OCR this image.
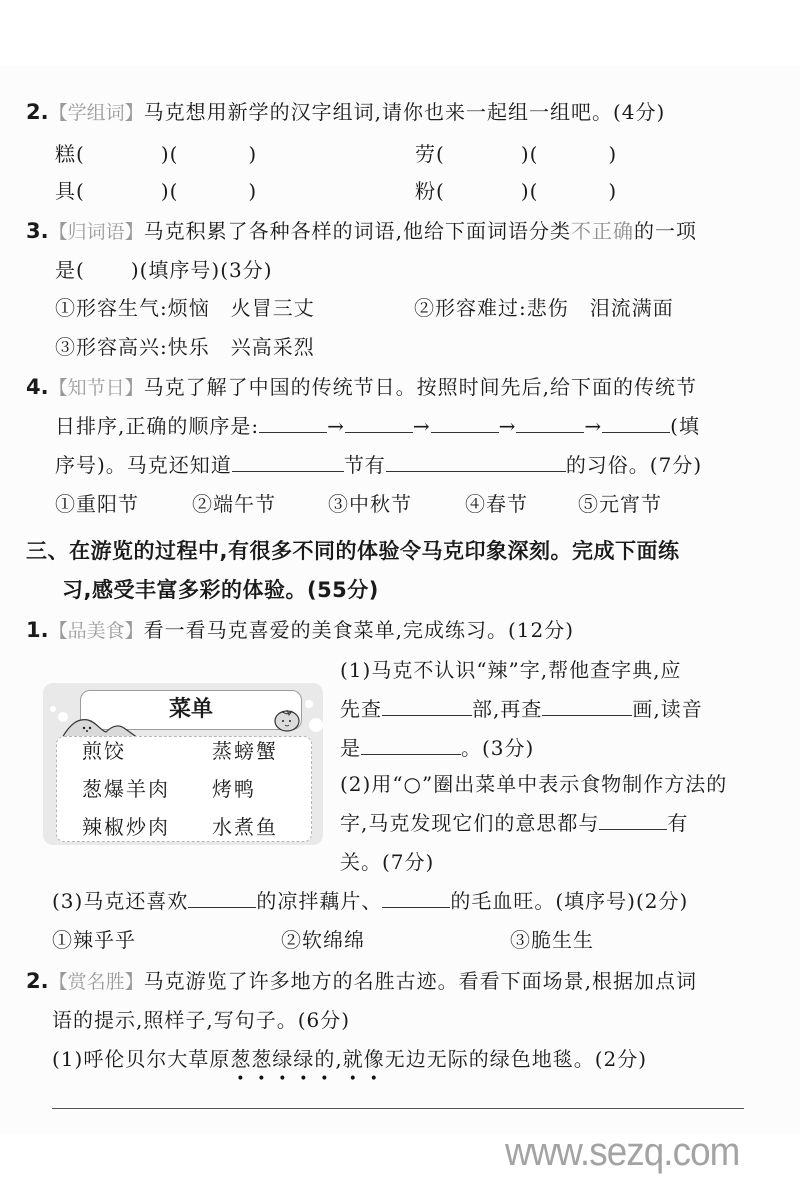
2.【学组词】马克想用新学的汉字组词,请你也来一起组一组吧。(4分)
糕(	)(	)	劳(	)(	)
具(	)(	)	粉(	)(	)
3.【归词语】马克积累了各种各样的词语,他给下面词语分类不正确的一项
是( )(填序号)(3分)
①形容生气:烦恼　火冒三丈	②形容难过:悲伤　泪流满面
③形容高兴:快乐　兴高采烈
4.【知节日】马克了解了中国的传统节日。按照时间先后,给下面的传统节
日排序,正确的顺序是:	→	→	→	→	(填
序号)。马克还知道	节有	的习俗。(7分)
①重阳节	②端午节	③中秋节	④春节	⑤元宵节
三、在游览的过程中,有很多不同的体验令马克印象深刻。完成下面练
习,感受丰富多彩的体验。(55分)
1.【品美食】看一看马克喜爱的美食菜单,完成练习。(12分)
菜单
煎饺	蒸螃蟹
葱爆羊肉 烤鸭
辣椒炒肉 水煮鱼
(1)马克不认识“辣”字,帮他查字典,应
先查	部,再查	画,读音
是	。(3分)
(2)用“○”圈出菜单中表示食物制作方法的
字,马克发现它们的意思都与	有
关。(7分)
(3)马克还喜欢	的凉拌藕片、	的毛血旺。(填序号)(2分)
①辣乎乎	②软绵绵	③脆生生
2.【赏名胜】马克游览了许多地方的名胜古迹。看看下面场景,根据加点词
语的提示,照样子,写句子。(6分)
(1)呼伦贝尔大草原葱葱绿绿的,就像无边无际的绿色地毯。(2分)
www.sezq.com
